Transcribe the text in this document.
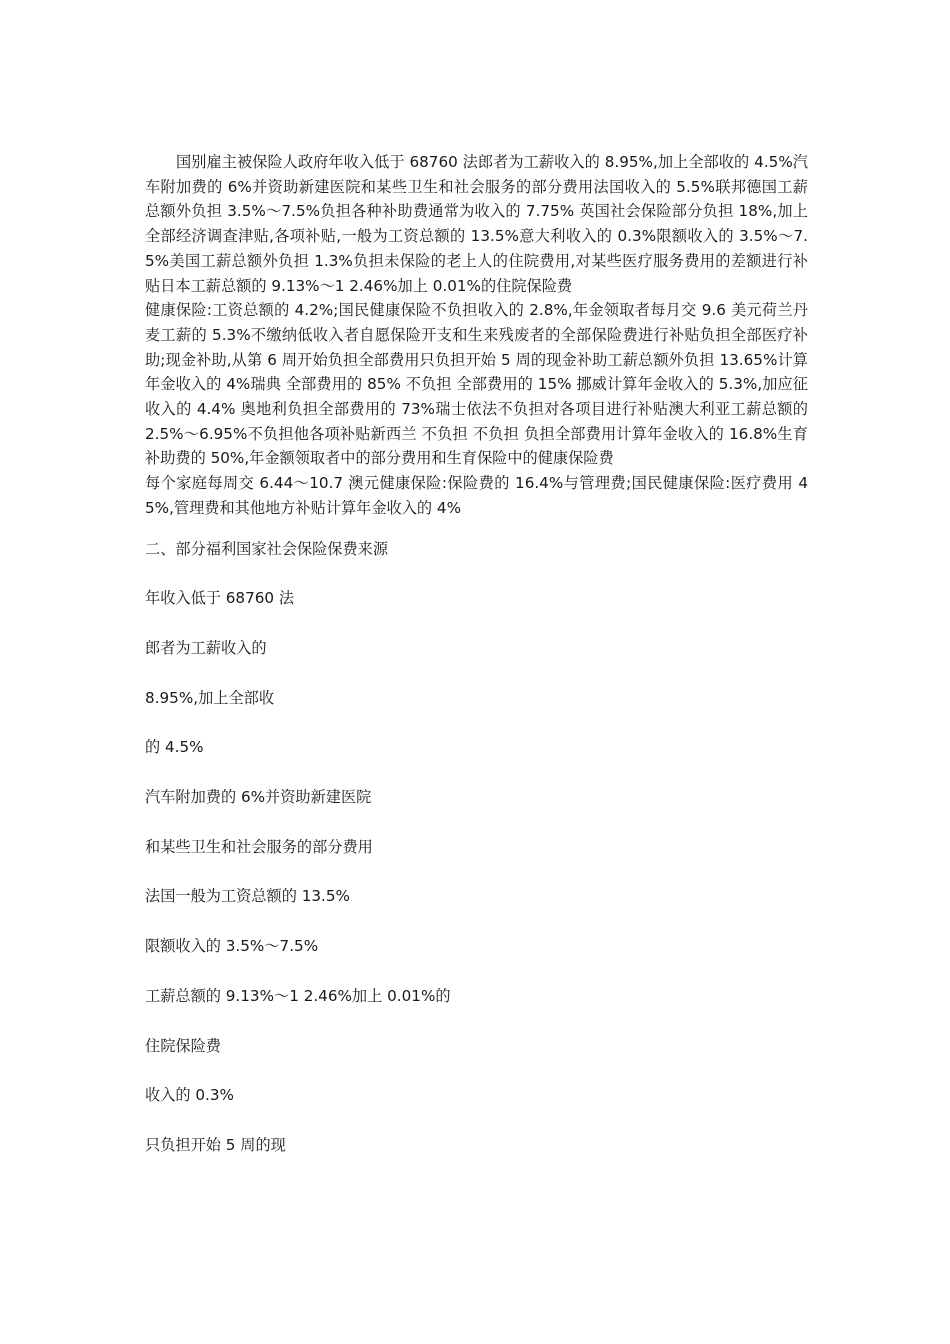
国别雇主被保险人政府年收入低于 68760 法郎者为工薪收入的 8.95%,加上全部收的 4.5%汽车附加费的 6%并资助新建医院和某些卫生和社会服务的部分费用法国收入的 5.5%联邦德国工薪总额外负担 3.5%～7.5%负担各种补助费通常为收入的 7.75% 英国社会保险部分负担 18%,加上全部经济调查津贴,各项补贴,一般为工资总额的 13.5%意大利收入的 0.3%限额收入的 3.5%～7.5%美国工薪总额外负担 1.3%负担未保险的老上人的住院费用,对某些医疗服务费用的差额进行补贴日本工薪总额的 9.13%～1 2.46%加上 0.01%的住院保险费

健康保险:工资总额的 4.2%;国民健康保险不负担收入的 2.8%,年金领取者每月交 9.6 美元荷兰丹麦工薪的 5.3%不缴纳低收入者自愿保险开支和生来残废者的全部保险费进行补贴负担全部医疗补助;现金补助,从第 6 周开始负担全部费用只负担开始 5 周的现金补助工薪总额外负担 13.65%计算年金收入的 4%瑞典 全部费用的 85% 不负担 全部费用的 15% 挪威计算年金收入的 5.3%,加应征收入的 4.4% 奥地利负担全部费用的 73%瑞士依法不负担对各项目进行补贴澳大利亚工薪总额的 2.5%～6.95%不负担他各项补贴新西兰 不负担 不负担 负担全部费用计算年金收入的 16.8%生育补助费的 50%,年金额领取者中的部分费用和生育保险中的健康保险费

每个家庭每周交 6.44～10.7 澳元健康保险:保险费的 16.4%与管理费;国民健康保险:医疗费用 45%,管理费和其他地方补贴计算年金收入的 4%

二、部分福利国家社会保险保费来源

年收入低于 68760 法

郎者为工薪收入的

8.95%,加上全部收

的 4.5%

汽车附加费的 6%并资助新建医院

和某些卫生和社会服务的部分费用

法国一般为工资总额的 13.5%

限额收入的 3.5%～7.5%

工薪总额的 9.13%～1 2.46%加上 0.01%的

住院保险费

收入的 0.3%

只负担开始 5 周的现
